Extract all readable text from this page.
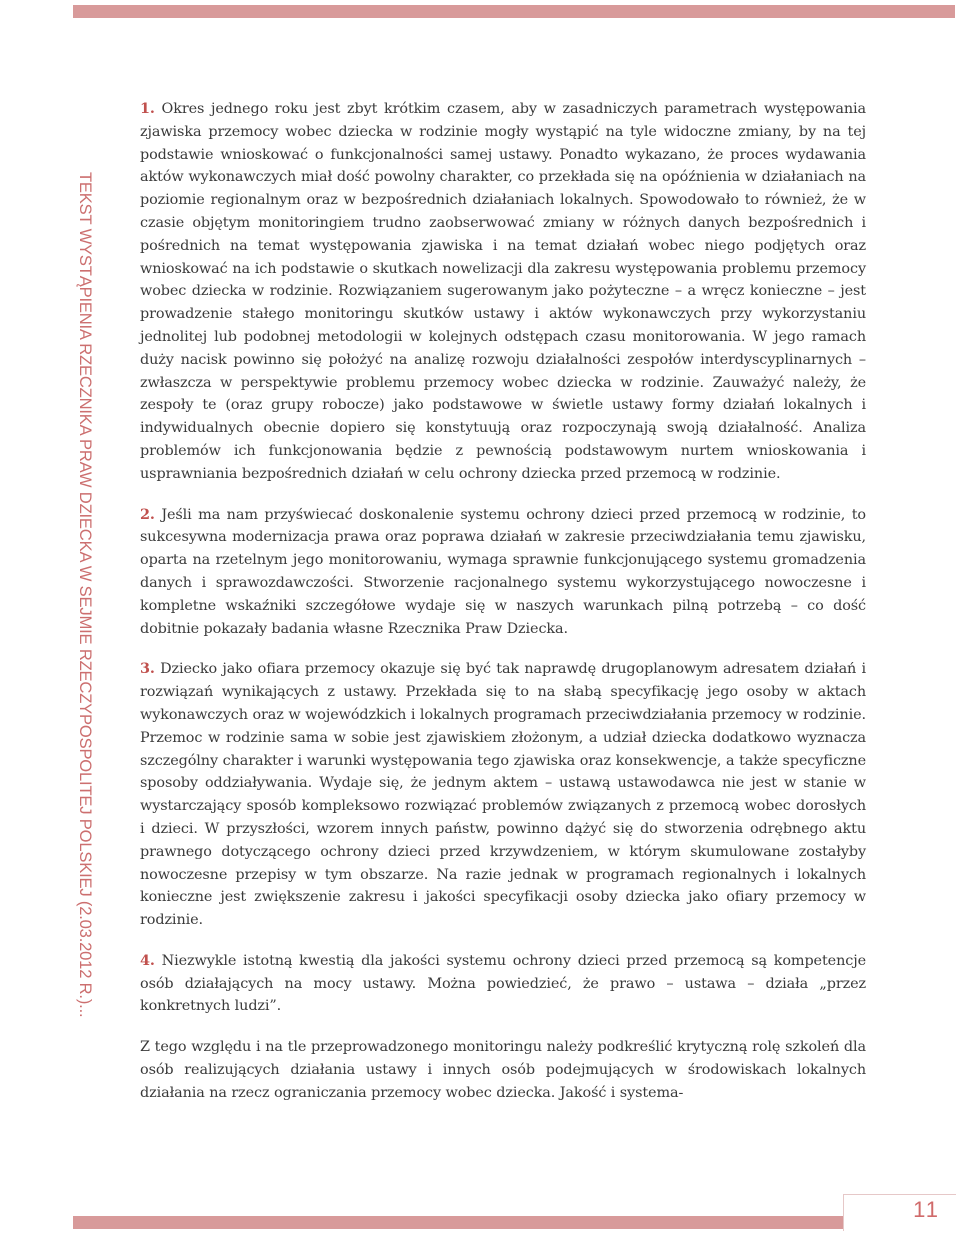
TEKST WYSTĄPIENIA RZECZNIKA PRAW DZIECKA W SEJMIE RZECZYPOSPOLITEJ POLSKIEJ (2.03.2012 R.)...

1. Okres jednego roku jest zbyt krótkim czasem, aby w zasadniczych parametrach występowania zjawiska przemocy wobec dziecka w rodzinie mogły wystąpić na tyle widoczne zmiany, by na tej podstawie wnioskować o funkcjonalności samej ustawy. Ponadto wykazano, że proces wydawania aktów wykonawczych miał dość powolny charakter, co przekłada się na opóźnienia w działaniach na poziomie regionalnym oraz w bezpośrednich działaniach lokalnych. Spowodowało to również, że w czasie objętym monitoringiem trudno zaobserwować zmiany w różnych danych bezpośrednich i pośrednich na temat występowania zjawiska i na temat działań wobec niego podjętych oraz wnioskować na ich podstawie o skutkach nowelizacji dla zakresu występowania problemu przemocy wobec dziecka w rodzinie. Rozwiązaniem sugerowanym jako pożyteczne – a wręcz konieczne – jest prowadzenie stałego monitoringu skutków ustawy i aktów wykonawczych przy wykorzystaniu jednolitej lub podobnej metodologii w kolejnych odstępach czasu monitorowania. W jego ramach duży nacisk powinno się położyć na analizę rozwoju działalności zespołów interdyscyplinarnych – zwłaszcza w perspektywie problemu przemocy wobec dziecka w rodzinie. Zauważyć należy, że zespoły te (oraz grupy robocze) jako podstawowe w świetle ustawy formy działań lokalnych i indywidualnych obecnie dopiero się konstytuują oraz rozpoczynają swoją działalność. Analiza problemów ich funkcjonowania będzie z pewnością podstawowym nurtem wnioskowania i usprawniania bezpośrednich działań w celu ochrony dziecka przed przemocą w rodzinie.

2. Jeśli ma nam przyświecać doskonalenie systemu ochrony dzieci przed przemocą w rodzinie, to sukcesywna modernizacja prawa oraz poprawa działań w zakresie przeciwdziałania temu zjawisku, oparta na rzetelnym jego monitorowaniu, wymaga sprawnie funkcjonującego systemu gromadzenia danych i sprawozdawczości. Stworzenie racjonalnego systemu wykorzystującego nowoczesne i kompletne wskaźniki szczegółowe wydaje się w naszych warunkach pilną potrzebą – co dość dobitnie pokazały badania własne Rzecznika Praw Dziecka.

3. Dziecko jako ofiara przemocy okazuje się być tak naprawdę drugoplanowym adresatem działań i rozwiązań wynikających z ustawy. Przekłada się to na słabą specyfikację jego osoby w aktach wykonawczych oraz w wojewódzkich i lokalnych programach przeciwdziałania przemocy w rodzinie. Przemoc w rodzinie sama w sobie jest zjawiskiem złożonym, a udział dziecka dodatkowo wyznacza szczególny charakter i warunki występowania tego zjawiska oraz konsekwencje, a także specyficzne sposoby oddziaływania. Wydaje się, że jednym aktem – ustawą ustawodawca nie jest w stanie w wystarczający sposób kompleksowo rozwiązać problemów związanych z przemocą wobec dorosłych i dzieci. W przyszłości, wzorem innych państw, powinno dążyć się do stworzenia odrębnego aktu prawnego dotyczącego ochrony dzieci przed krzywdzeniem, w którym skumulowane zostałyby nowoczesne przepisy w tym obszarze. Na razie jednak w programach regionalnych i lokalnych konieczne jest zwiększenie zakresu i jakości specyfikacji osoby dziecka jako ofiary przemocy w rodzinie.

4. Niezwykle istotną kwestią dla jakości systemu ochrony dzieci przed przemocą są kompetencje osób działających na mocy ustawy. Można powiedzieć, że prawo – ustawa – działa „przez konkretnych ludzi”.

Z tego względu i na tle przeprowadzonego monitoringu należy podkreślić krytyczną rolę szkoleń dla osób realizujących działania ustawy i innych osób podejmujących w środowiskach lokalnych działania na rzecz ograniczania przemocy wobec dziecka. Jakość i systema-

11
